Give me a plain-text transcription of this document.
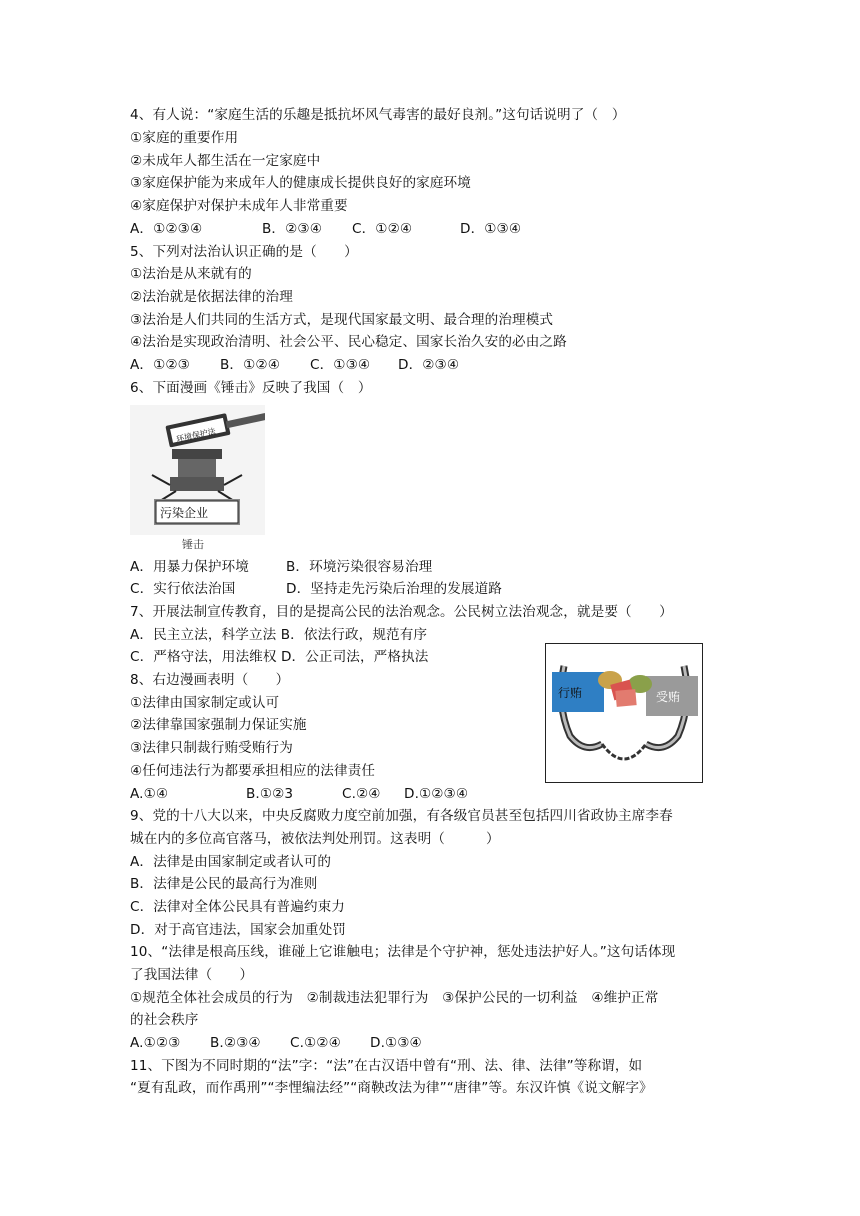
4、有人说：“家庭生活的乐趣是抵抗坏风气毒害的最好良剂。”这句话说明了（　）
①家庭的重要作用
②未成年人都生活在一定家庭中
③家庭保护能为来成年人的健康成长提供良好的家庭环境
④家庭保护对保护未成年人非常重要
A．①②③④	B．②③④ C．①②④	D．①③④
5、下列对法治认识正确的是（　　）
①法治是从来就有的
②法治就是依据法律的治理
③法治是人们共同的生活方式，是现代国家最文明、最合理的治理模式
④法治是实现政治清明、社会公平、民心稳定、国家长治久安的必由之路
A．①②③ B．①②④ C．①③④ D．②③④
6、下面漫画《锤击》反映了我国（　）
环境保护法
污染企业
锤击
A．用暴力保护环境	B．环境污染很容易治理
C．实行依法治国	D．坚持走先污染后治理的发展道路
7、开展法制宣传教育，目的是提高公民的法治观念。公民树立法治观念，就是要（　　）
A．民主立法，科学立法 B．依法行政，规范有序
C．严格守法，用法维权 D．公正司法，严格执法
8、右边漫画表明（　　）
①法律由国家制定或认可
②法律靠国家强制力保证实施
③法律只制裁行贿受贿行为
④任何违法行为都要承担相应的法律责任
A.①④	B.①②3	C.②④ D.①②③④
行贿	受贿
9、党的十八大以来，中央反腐败力度空前加强，有各级官员甚至包括四川省政协主席李春
城在内的多位高官落马，被依法判处刑罚。这表明（　　　）
A．法律是由国家制定或者认可的
B．法律是公民的最高行为准则
C．法律对全体公民具有普遍约束力
D．对于高官违法，国家会加重处罚
10、“法律是根高压线，谁碰上它谁触电；法律是个守护神，惩处违法护好人。”这句话体现
了我国法律（　　）
①规范全体社会成员的行为　②制裁违法犯罪行为　③保护公民的一切利益　④维护正常
的社会秩序
A.①②③ B.②③④ C.①②④ D.①③④
11、下图为不同时期的“法”字：“法”在古汉语中曾有“刑、法、律、法律”等称谓，如
“夏有乱政，而作禹刑”“李悝编法经”“商鞅改法为律”“唐律”等。东汉许慎《说文解字》
